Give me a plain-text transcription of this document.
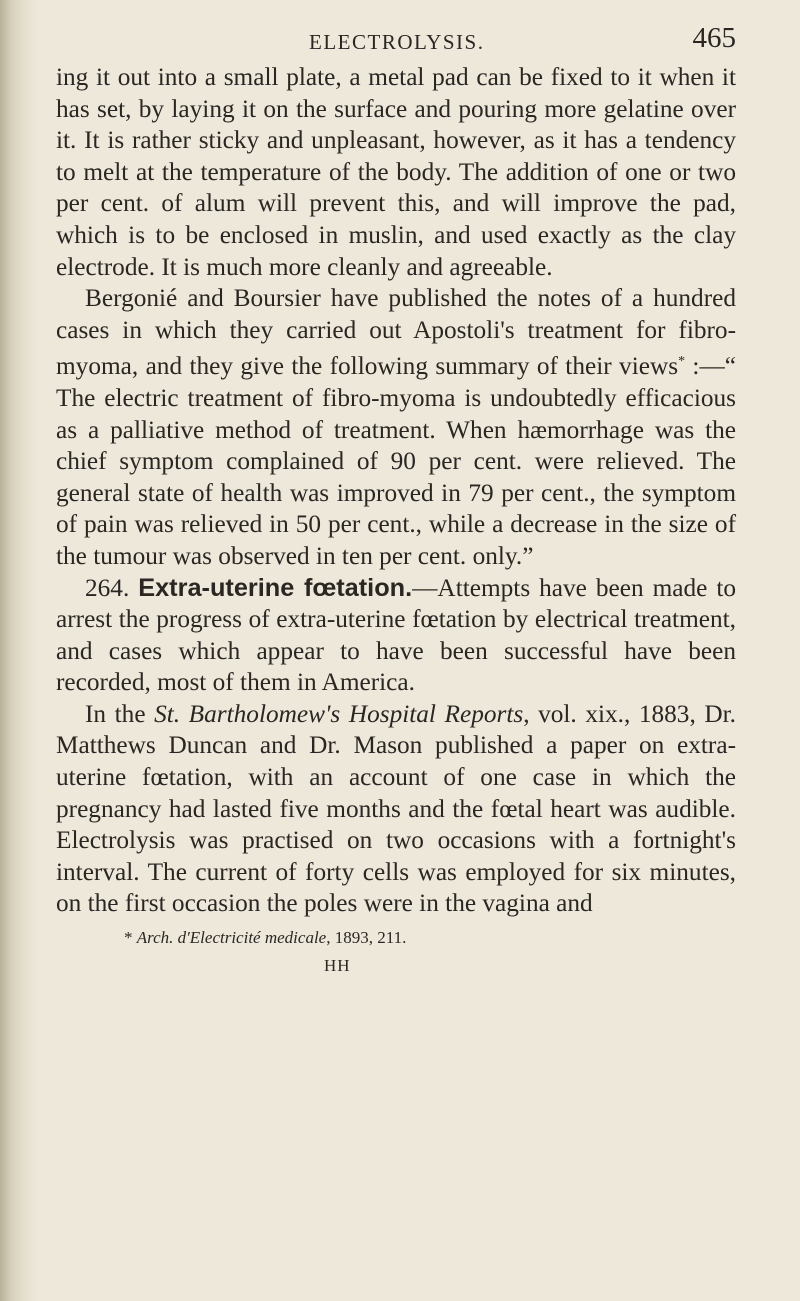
ELECTROLYSIS.	465

ing it out into a small plate, a metal pad can be fixed to it when it has set, by laying it on the surface and pouring more gelatine over it. It is rather sticky and unpleasant, however, as it has a tendency to melt at the temperature of the body. The addition of one or two per cent. of alum will prevent this, and will improve the pad, which is to be enclosed in muslin, and used exactly as the clay electrode. It is much more cleanly and agreeable.

Bergonié and Boursier have published the notes of a hundred cases in which they carried out Apostoli's treatment for fibro-myoma, and they give the following summary of their views* :—“ The electric treatment of fibro-myoma is undoubtedly efficacious as a palliative method of treatment. When hæmorrhage was the chief symptom complained of 90 per cent. were relieved. The general state of health was improved in 79 per cent., the symptom of pain was relieved in 50 per cent., while a decrease in the size of the tumour was observed in ten per cent. only.”

264. Extra-uterine fœtation.—Attempts have been made to arrest the progress of extra-uterine fœtation by electrical treatment, and cases which appear to have been successful have been recorded, most of them in America.

In the St. Bartholomew's Hospital Reports, vol. xix., 1883, Dr. Matthews Duncan and Dr. Mason published a paper on extra-uterine fœtation, with an account of one case in which the pregnancy had lasted five months and the fœtal heart was audible. Electrolysis was practised on two occasions with a fortnight's interval. The current of forty cells was employed for six minutes, on the first occasion the poles were in the vagina and

* Arch. d'Electricité medicale, 1893, 211.
HH
